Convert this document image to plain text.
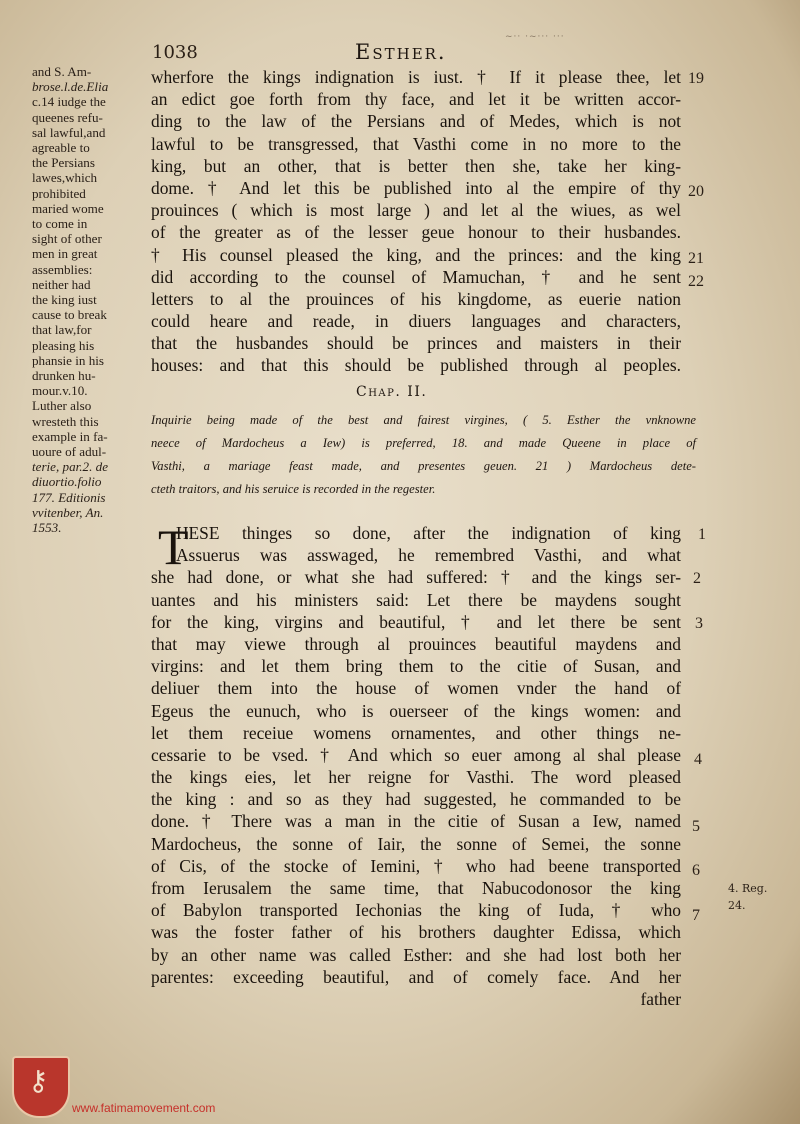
1038	Esther.
~·· ·~··· ···
and S. Am-
brose.l.de.Elia
c.14 iudge the
queenes refu-
sal lawful,and
agreable to
the Persians
lawes,which
prohibited
maried wome
to come in
sight of other
men in great
assemblies:
neither had
the king iust
cause to break
that law,for
pleasing his
phansie in his
drunken hu-
mour.v.10.
Luther also
wresteth this
example in fa-
uoure of adul-
terie, par.2. de
diuortio.folio
177. Editionis
vvitenber, An.
1553.
wherfore the kings indignation is iust. † If it please thee, let
an edict goe forth from thy face, and let it be written accor-
ding to the law of the Persians and of Medes, which is not
lawful to be transgressed, that Vasthi come in no more to the
king, but an other, that is better then she, take her king-
dome. † And let this be published into al the empire of thy
prouinces ( which is most large ) and let al the wiues, as wel
of the greater as of the lesser geue honour to their husbandes.
† His counsel pleased the king, and the princes: and the king
did according to the counsel of Mamuchan, † and he sent
letters to al the prouinces of his kingdome, as euerie nation
could heare and reade, in diuers languages and characters,
that the husbandes should be princes and maisters in their
houses: and that this should be published through al peoples.
19
20
21
22
Chap. II.
Inquirie being made of the best and fairest virgines, ( 5. Esther the vnknowne
neece of Mardocheus a Iew) is preferred, 18. and made Queene in place of
Vasthi, a mariage feast made, and presentes geuen. 21 ) Mardocheus dete-
cteth traitors, and his seruice is recorded in the regester.
T
HESE thinges so done, after the indignation of king
Assuerus was asswaged, he remembred Vasthi, and what
she had done, or what she had suffered: † and the kings ser-
uantes and his ministers said: Let there be maydens sought
for the king, virgins and beautiful, † and let there be sent
that may viewe through al prouinces beautiful maydens and
virgins: and let them bring them to the citie of Susan, and
deliuer them into the house of women vnder the hand of
Egeus the eunuch, who is ouerseer of the kings women: and
let them receiue womens ornamentes, and other things ne-
cessarie to be vsed. † And which so euer among al shal please
the kings eies, let her reigne for Vasthi. The word pleased
the king : and so as they had suggested, he commanded to be
done. † There was a man in the citie of Susan a Iew, named
Mardocheus, the sonne of Iair, the sonne of Semei, the sonne
of Cis, of the stocke of Iemini, † who had beene transported
from Ierusalem the same time, that Nabucodonosor the king
of Babylon transported Iechonias the king of Iuda, † who
was the foster father of his brothers daughter Edissa, which
by an other name was called Esther: and she had lost both her
parentes: exceeding beautiful, and of comely face. And her
father
1
2
3
4
5
6
7
4. Reg.
24.
⚷
www.fatimamovement.com
